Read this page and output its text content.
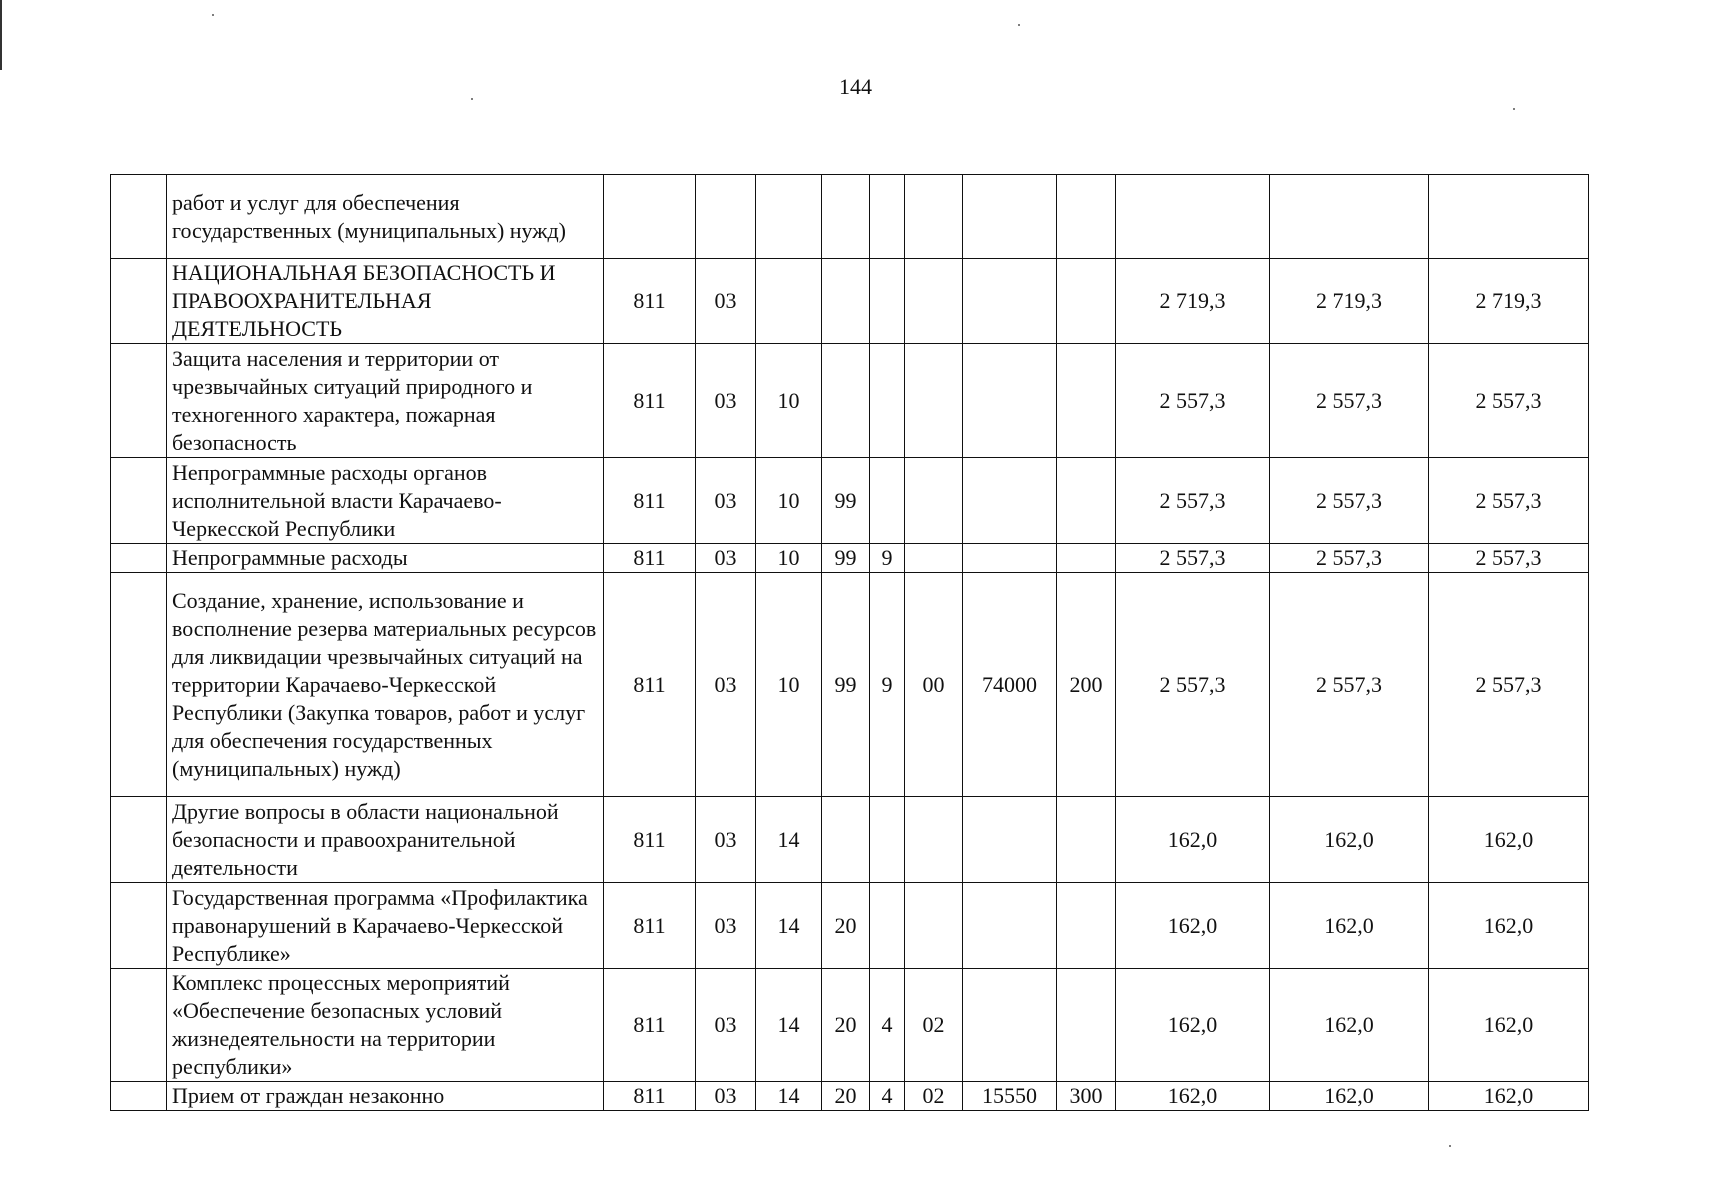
144
	работ и услуг для обеспечения государственных (муниципальных) нужд)											
	НАЦИОНАЛЬНАЯ БЕЗОПАСНОСТЬ И ПРАВООХРАНИТЕЛЬНАЯ ДЕЯТЕЛЬНОСТЬ	811	03							2 719,3	2 719,3	2 719,3
	Защита населения и территории от чрезвычайных ситуаций природного и техногенного характера, пожарная безопасность	811	03	10						2 557,3	2 557,3	2 557,3
	Непрограммные расходы органов исполнительной власти Карачаево-Черкесской Республики	811	03	10	99					2 557,3	2 557,3	2 557,3
	Непрограммные расходы	811	03	10	99	9				2 557,3	2 557,3	2 557,3
	Создание, хранение, использование и восполнение резерва материальных ресурсов для ликвидации чрезвычайных ситуаций на территории Карачаево-Черкесской Республики (Закупка товаров, работ и услуг для обеспечения государственных (муниципальных) нужд)	811	03	10	99	9	00	74000	200	2 557,3	2 557,3	2 557,3
	Другие вопросы в области национальной безопасности и правоохранительной деятельности	811	03	14						162,0	162,0	162,0
	Государственная программа «Профилактика правонарушений в Карачаево-Черкесской Республике»	811	03	14	20					162,0	162,0	162,0
	Комплекс процессных мероприятий «Обеспечение безопасных условий жизнедеятельности на территории республики»	811	03	14	20	4	02			162,0	162,0	162,0
	Прием от граждан незаконно	811	03	14	20	4	02	15550	300	162,0	162,0	162,0
